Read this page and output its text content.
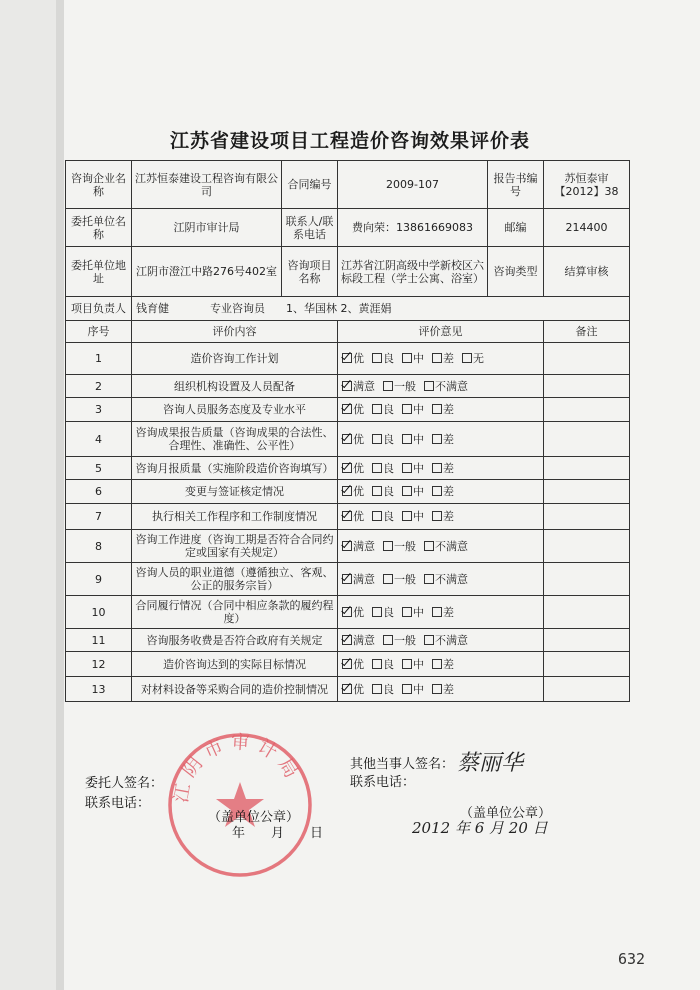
江苏省建设项目工程造价咨询效果评价表
咨询企业名称	江苏恒泰建设工程咨询有限公司	合同编号	2009-107	报告书编号	苏恒泰审【2012】38
委托单位名称	江阴市审计局	联系人/联系电话	费向荣：13861669083	邮编	214400
委托单位地址	江阴市澄江中路276号402室	咨询项目名称	江苏省江阴高级中学新校区六标段工程（学士公寓、浴室）	咨询类型	结算审核
项目负责人	钱育健 专业咨询员 1、华国林 2、黄涯娟				
序号	评价内容		评价意见		备注
1	造价咨询工作计划		优 良 中 差 无		
2	组织机构设置及人员配备		满意 一般 不满意		
3	咨询人员服务态度及专业水平		优 良 中 差		
4	咨询成果报告质量（咨询成果的合法性、合理性、准确性、公平性）		优 良 中 差		
5	咨询月报质量（实施阶段造价咨询填写）		优 良 中 差		
6	变更与签证核定情况		优 良 中 差		
7	执行相关工作程序和工作制度情况		优 良 中 差		
8	咨询工作进度（咨询工期是否符合合同约定或国家有关规定）		满意 一般 不满意		
9	咨询人员的职业道德（遵循独立、客观、公正的服务宗旨）		满意 一般 不满意		
10	合同履行情况（合同中相应条款的履约程度）		优 良 中 差		
11	咨询服务收费是否符合政府有关规定		满意 一般 不满意		
12	造价咨询达到的实际目标情况		优 良 中 差		
13	对材料设备等采购合同的造价控制情况		优 良 中 差		
江阴市审计局
委托人签名：
联系电话：
（盖单位公章）
年　　月　　日
其他当事人签名： 蔡丽华
联系电话：
（盖单位公章）
2012 年 6 月 20 日
632
